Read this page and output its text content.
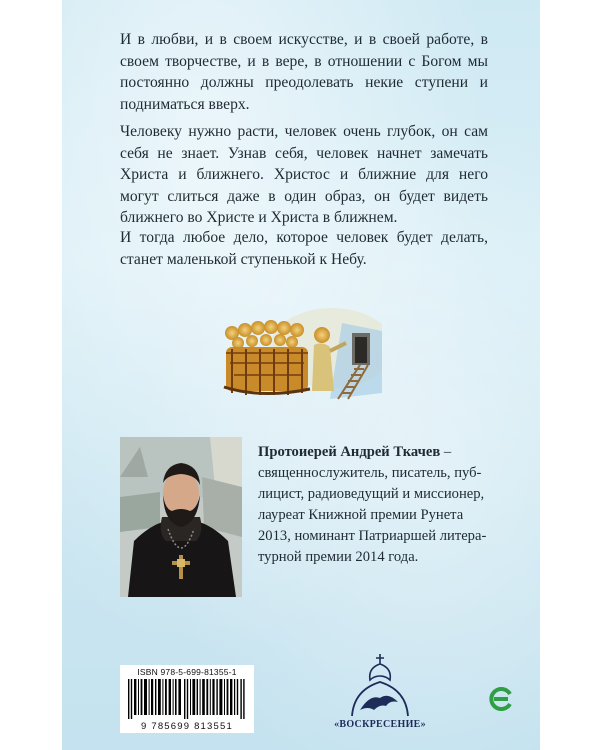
И в любви, и в своем искусстве, и в своей работе, в своем творчестве, и в вере, в отношении с Богом мы постоянно должны преодолевать некие ступени и подниматься вверх.

Человеку нужно расти, человек очень глубок, он сам себя не знает. Узнав себя, человек начнет замечать Христа и ближнего. Христос и ближние для него могут слиться даже в один образ, он будет видеть ближнего во Христе и Христа в ближнем.

И тогда любое дело, которое человек будет делать, станет маленькой ступенькой к Небу.

Протоиерей Андрей Ткачев –
священнослужитель, писатель, пуб-
лицист, радиоведущий и миссионер,
лауреат Книжной премии Рунета
2013, номинант Патриаршей литера-
турной премии 2014 года.
ISBN 978-5-699-81355-1
9 785699 813551	«ВОСКРЕСЕНИЕ»
